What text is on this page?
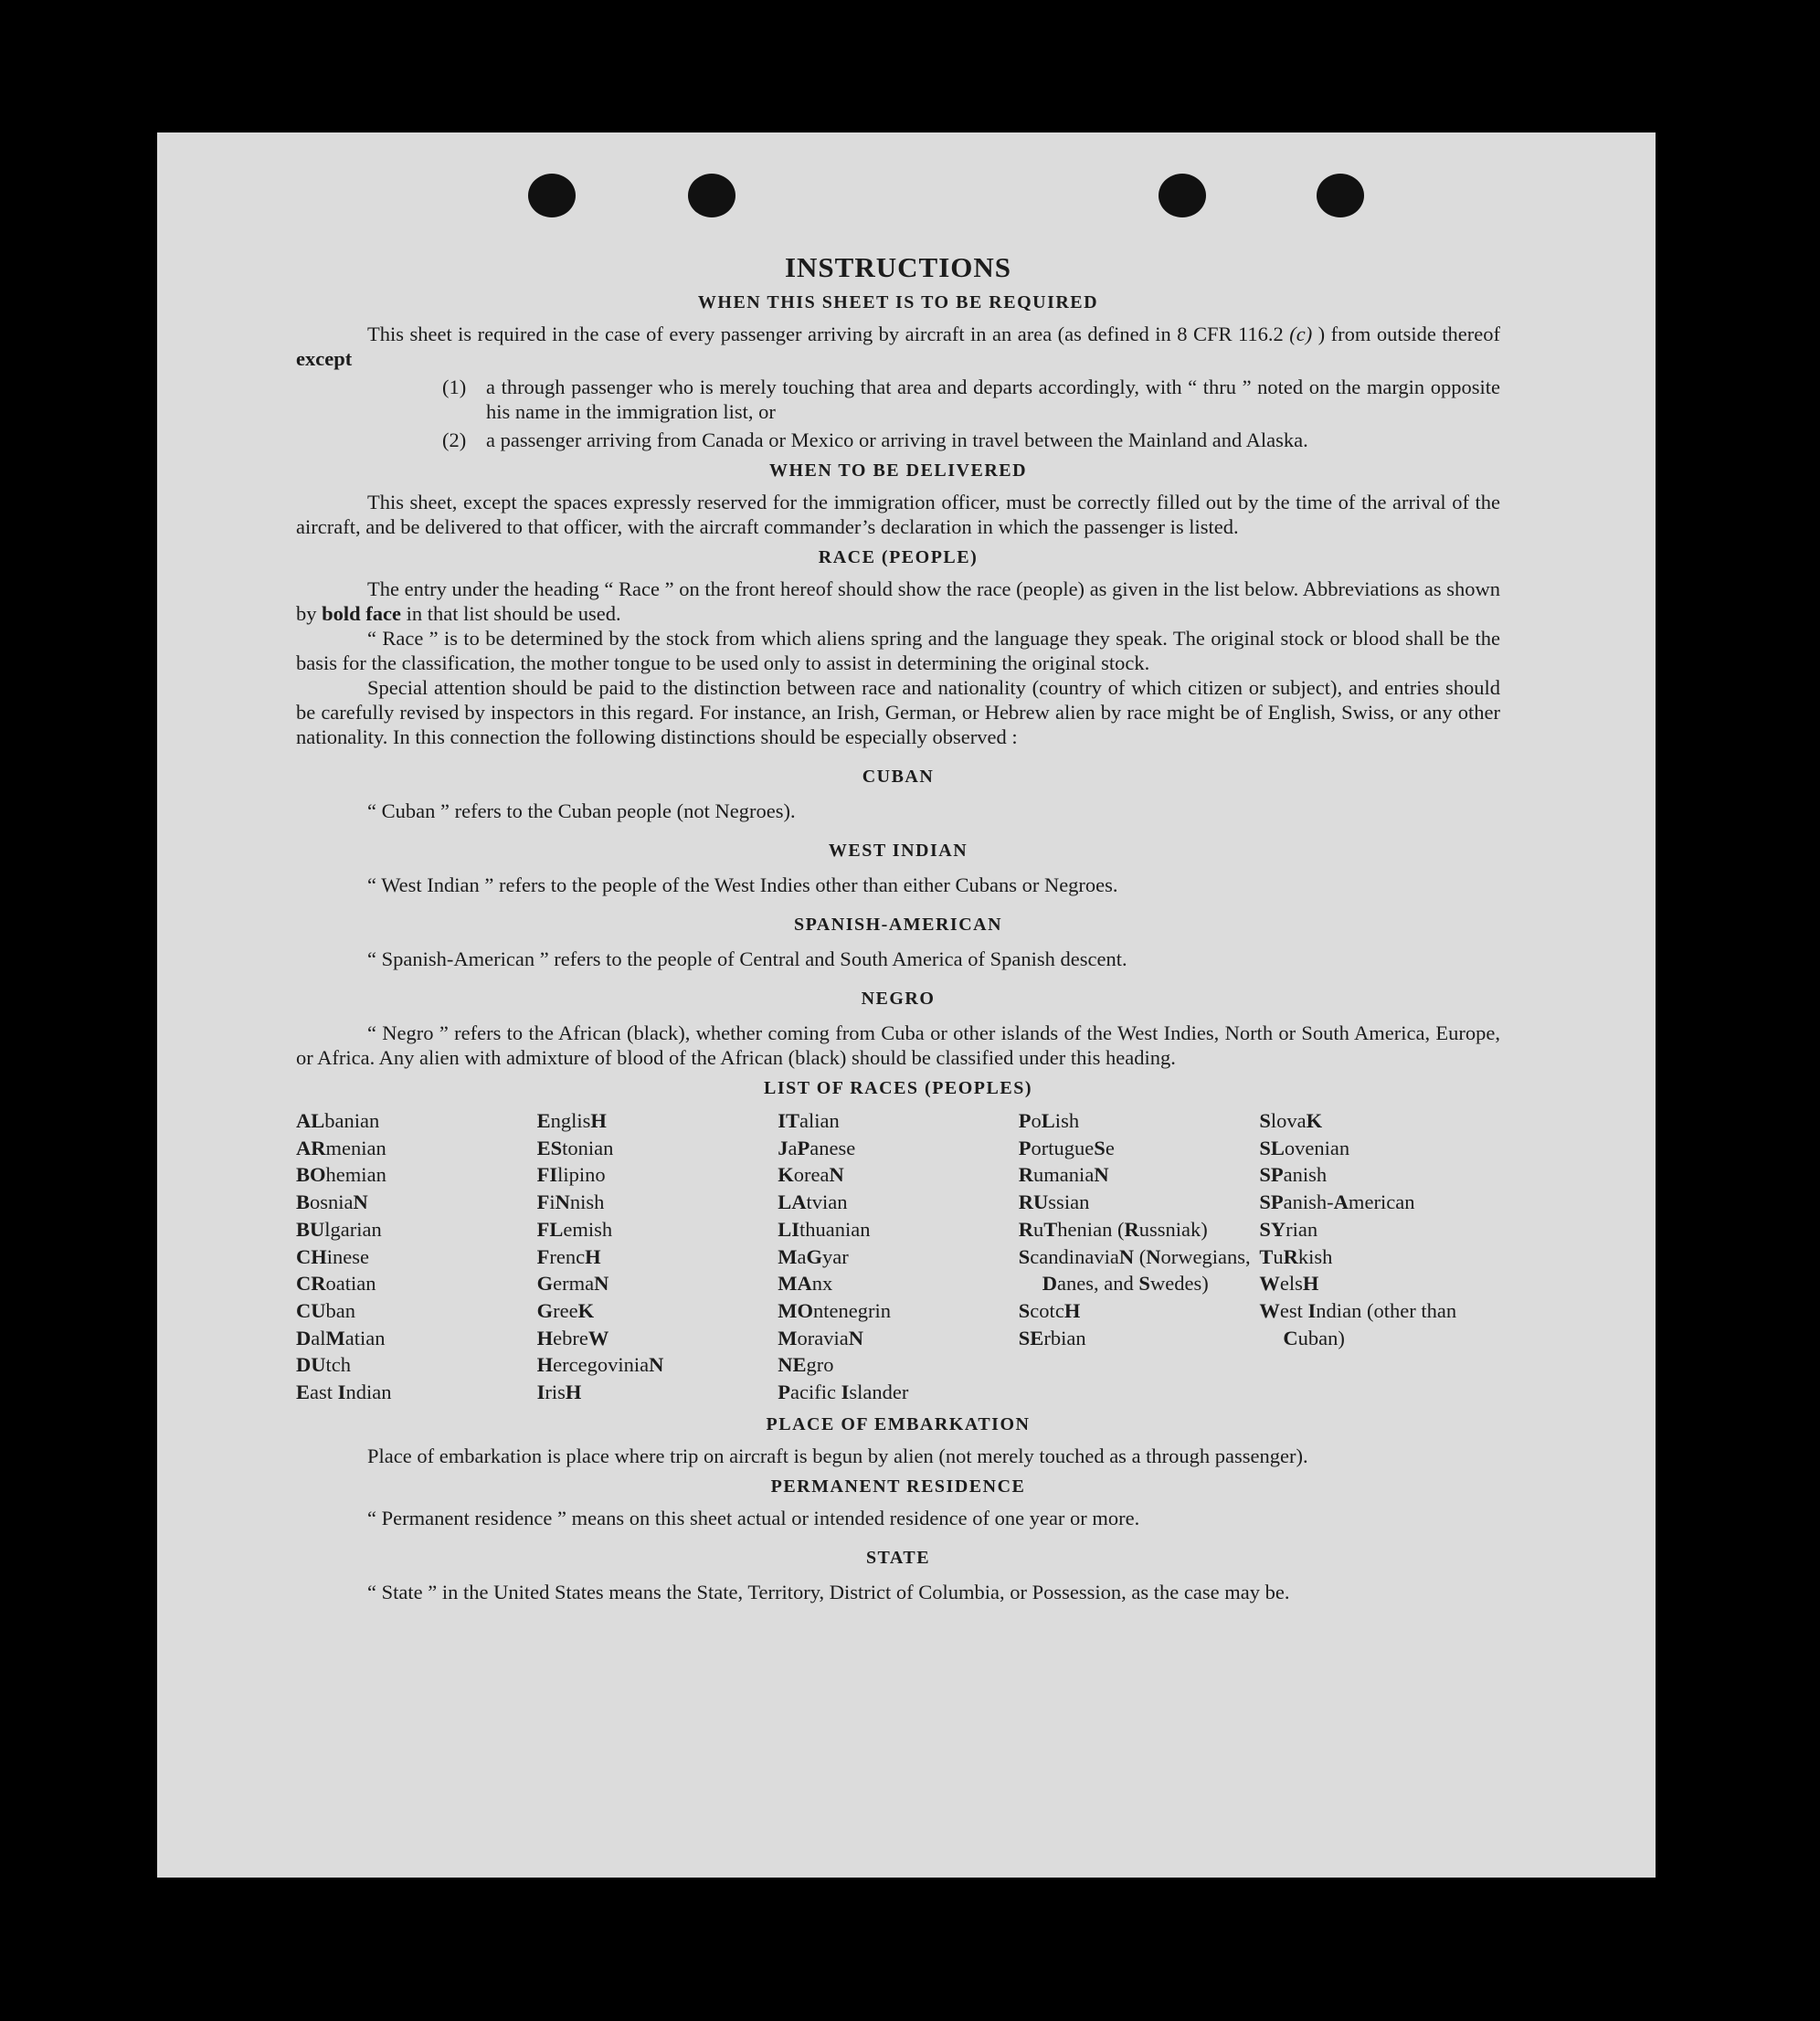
INSTRUCTIONS
WHEN THIS SHEET IS TO BE REQUIRED

This sheet is required in the case of every passenger arriving by aircraft in an area (as defined in 8 CFR 116.2 (c) ) from outside thereof except

(1) a through passenger who is merely touching that area and departs accordingly, with “ thru ” noted on the margin opposite his name in the immigration list, or

(2) a passenger arriving from Canada or Mexico or arriving in travel between the Mainland and Alaska.

WHEN TO BE DELIVERED

This sheet, except the spaces expressly reserved for the immigration officer, must be correctly filled out by the time of the arrival of the aircraft, and be delivered to that officer, with the aircraft commander’s declaration in which the passenger is listed.

RACE (PEOPLE)

The entry under the heading “ Race ” on the front hereof should show the race (people) as given in the list below. Abbreviations as shown by bold face in that list should be used.

“ Race ” is to be determined by the stock from which aliens spring and the language they speak. The original stock or blood shall be the basis for the classification, the mother tongue to be used only to assist in determining the original stock.

Special attention should be paid to the distinction between race and nationality (country of which citizen or subject), and entries should be carefully revised by inspectors in this regard. For instance, an Irish, German, or Hebrew alien by race might be of English, Swiss, or any other nationality. In this connection the following distinctions should be especially observed :

CUBAN

“ Cuban ” refers to the Cuban people (not Negroes).

WEST INDIAN

“ West Indian ” refers to the people of the West Indies other than either Cubans or Negroes.

SPANISH-AMERICAN

“ Spanish-American ” refers to the people of Central and South America of Spanish descent.

NEGRO

“ Negro ” refers to the African (black), whether coming from Cuba or other islands of the West Indies, North or South America, Europe, or Africa. Any alien with admixture of blood of the African (black) should be classified under this heading.

LIST OF RACES (PEOPLES)
ALbanian
ARmenian
BOhemian
BosniaN
BUlgarian
CHinese
CRoatian
CUban
DalMatian
DUtch
East Indian
EnglisH
EStonian
FIlipino
FiNnish
FLemish
FrencH
GermaN
GreeK
HebreW
HercegoviniaN
IrisH
ITalian
JaPanese
KoreaN
LAtvian
LIthuanian
MaGyar
MAnx
MOntenegrin
MoraviaN
NEgro
Pacific Islander
PoLish
PortugueSe
RumaniaN
RUssian
RuThenian (Russniak)
ScandinaviaN (Norwegians, Danes, and Swedes)
ScotcH
SErbian
SlovaK
SLovenian
SPanish
SPanish-American
SYrian
TuRkish
WelsH
West Indian (other than Cuban)
PLACE OF EMBARKATION

Place of embarkation is place where trip on aircraft is begun by alien (not merely touched as a through passenger).

PERMANENT RESIDENCE

“ Permanent residence ” means on this sheet actual or intended residence of one year or more.

STATE

“ State ” in the United States means the State, Territory, District of Columbia, or Possession, as the case may be.
